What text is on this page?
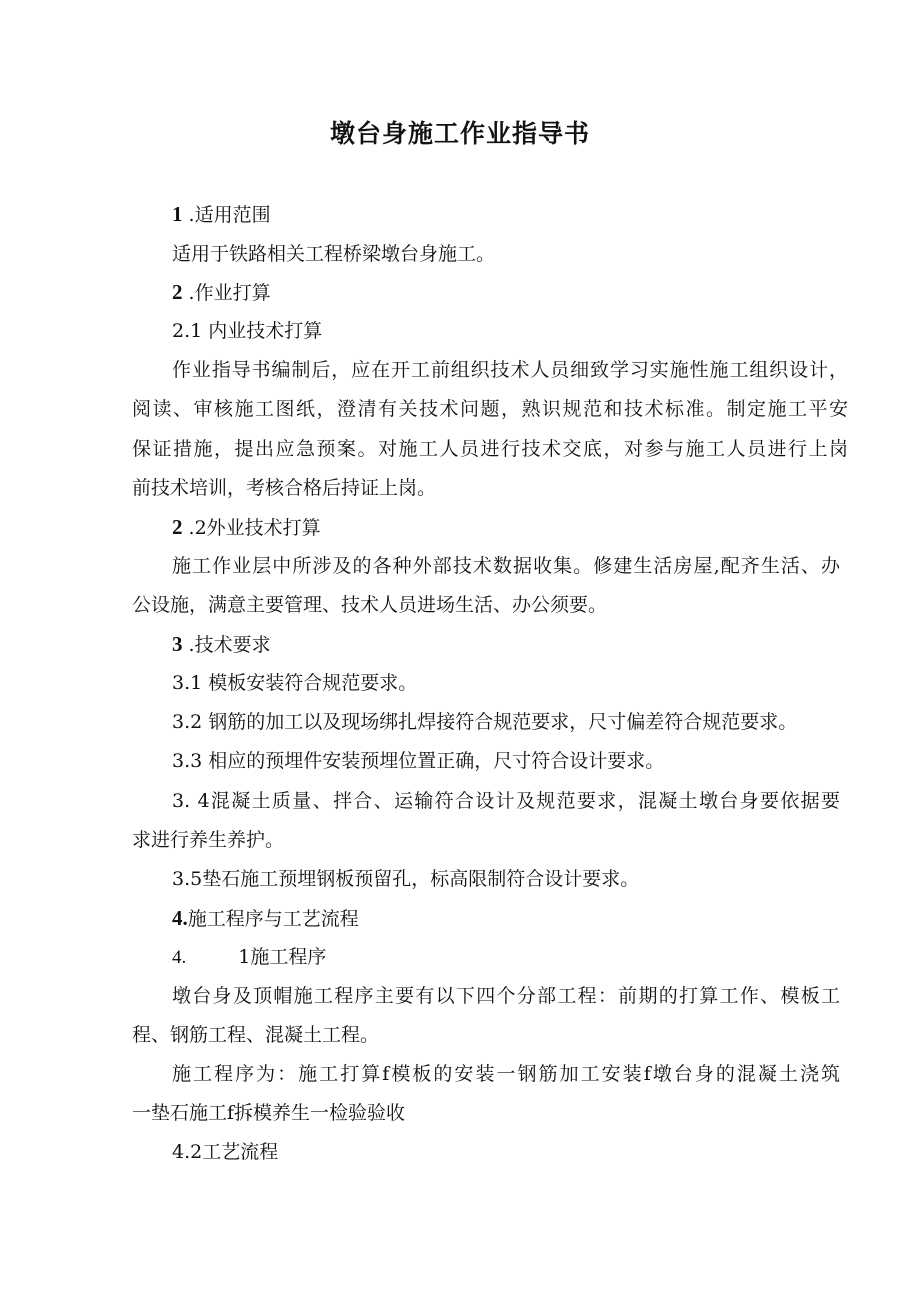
墩台身施工作业指导书
1 .适用范围
适用于铁路相关工程桥梁墩台身施工。
2 .作业打算
2.1 内业技术打算
作业指导书编制后，应在开工前组织技术人员细致学习实施性施工组织设计，
阅读、审核施工图纸，澄清有关技术问题，熟识规范和技术标准。制定施工平安
保证措施，提出应急预案。对施工人员进行技术交底，对参与施工人员进行上岗
前技术培训，考核合格后持证上岗。
2 .2外业技术打算
施工作业层中所涉及的各种外部技术数据收集。修建生活房屋,配齐生活、办
公设施，满意主要管理、技术人员进场生活、办公须要。
3 .技术要求
3.1 模板安装符合规范要求。
3.2 钢筋的加工以及现场绑扎焊接符合规范要求，尺寸偏差符合规范要求。
3.3 相应的预埋件安装预埋位置正确，尺寸符合设计要求。
3. 4混凝土质量、拌合、运输符合设计及规范要求，混凝土墩台身要依据要
求进行养生养护。
3.5垫石施工预埋钢板预留孔，标高限制符合设计要求。
4.施工程序与工艺流程
4.	1施工程序
墩台身及顶帽施工程序主要有以下四个分部工程：前期的打算工作、模板工
程、钢筋工程、混凝土工程。
施工程序为：施工打算f模板的安装一钢筋加工安装f墩台身的混凝土浇筑
一垫石施工f拆模养生一检验验收
4.2工艺流程
